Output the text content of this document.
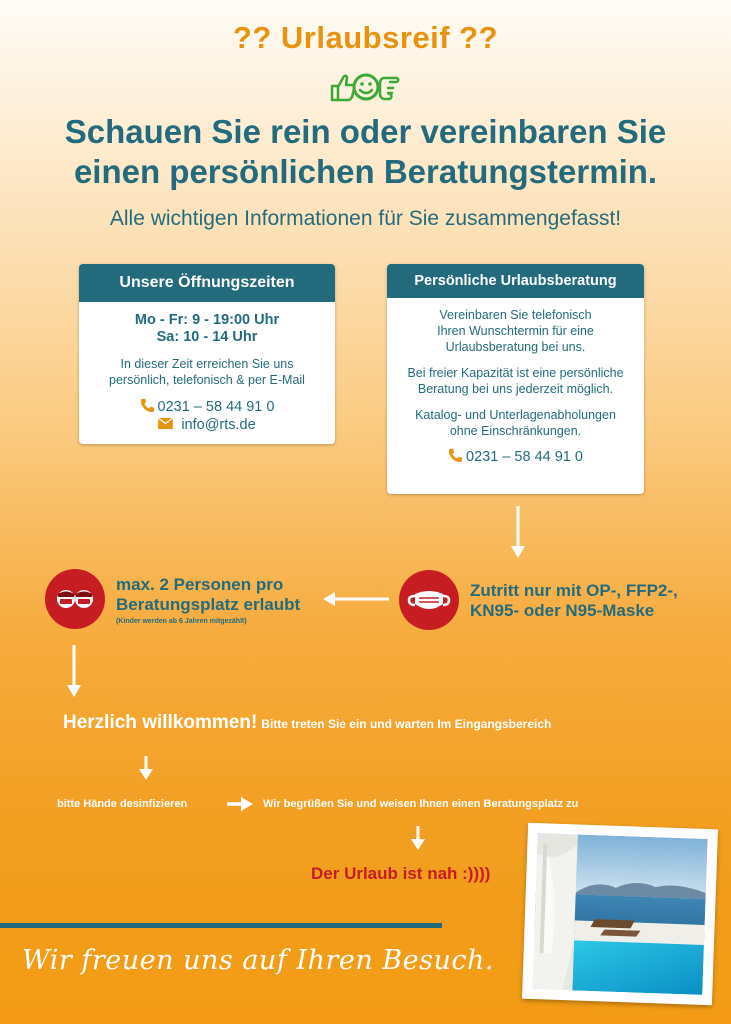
?? Urlaubsreif ??
Schauen Sie rein oder vereinbaren Sie
einen persönlichen Beratungstermin.
Alle wichtigen Informationen für Sie zusammengefasst!
Unsere Öffnungszeiten
Mo - Fr: 9 - 19:00 Uhr
Sa: 10 - 14 Uhr
In dieser Zeit erreichen Sie uns
persönlich, telefonisch & per E-Mail
0231 – 58 44 91 0
info@rts.de
Persönliche Urlaubsberatung
Vereinbaren Sie telefonisch
Ihren Wunschtermin für eine
Urlaubsberatung bei uns.
Bei freier Kapazität ist eine persönliche
Beratung bei uns jederzeit möglich.
Katalog- und Unterlagenabholungen
ohne Einschränkungen.
0231 – 58 44 91 0
Zutritt nur mit OP-, FFP2-,
KN95- oder N95-Maske
max. 2 Personen pro
Beratungsplatz erlaubt
(Kinder werden ab 6 Jahren mitgezählt)
Herzlich willkommen! Bitte treten Sie ein und warten Im Eingangsbereich
bitte Hände desinfizieren	Wir begrüßen Sie und weisen Ihnen einen Beratungsplatz zu
Der Urlaub ist nah :))))
Wir freuen uns auf Ihren Besuch.
